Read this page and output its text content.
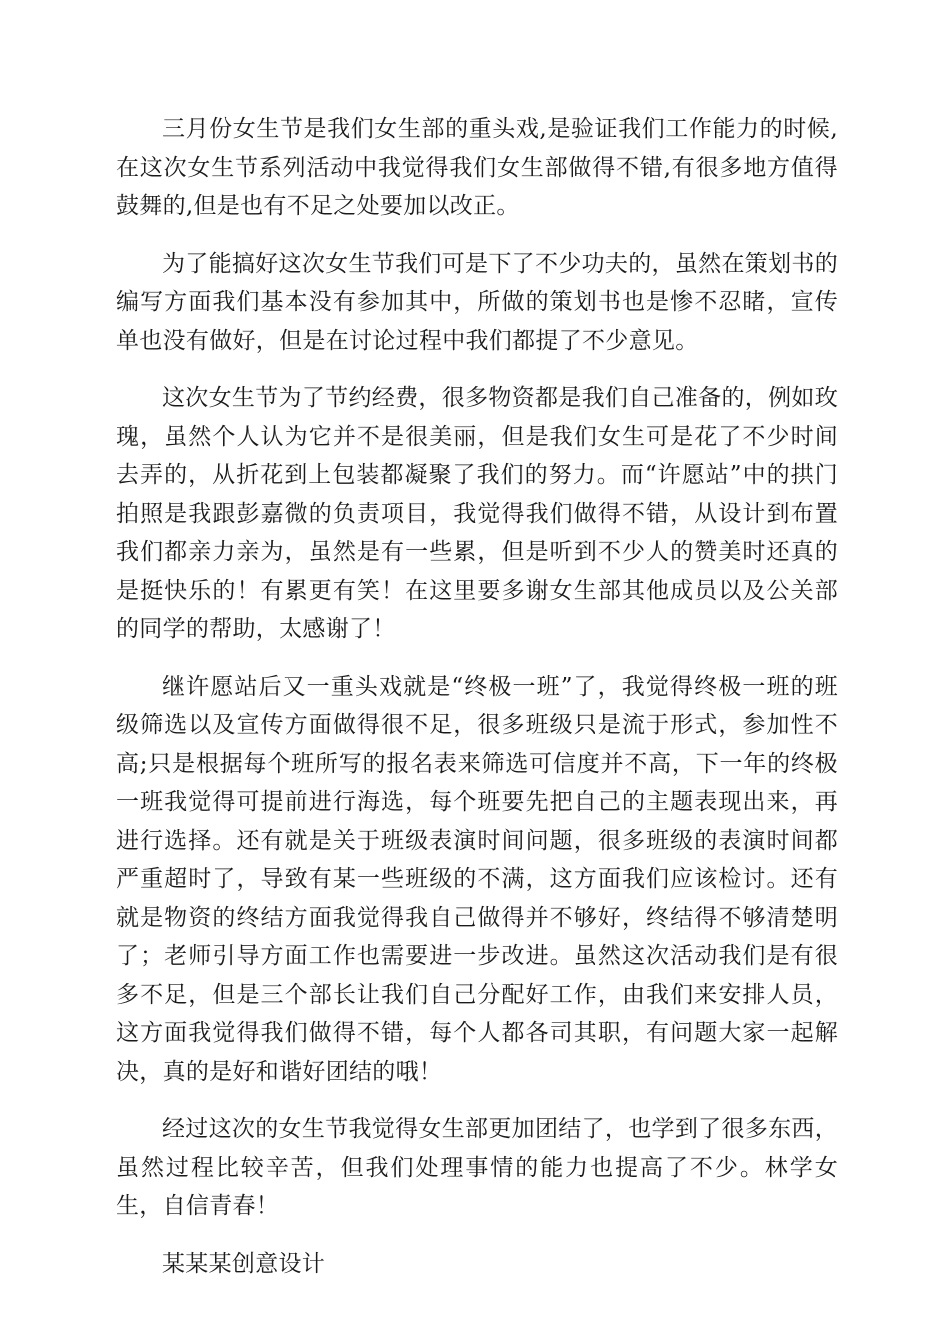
三月份女生节是我们女生部的重头戏,是验证我们工作能力的时候,在这次女生节系列活动中我觉得我们女生部做得不错,有很多地方值得鼓舞的,但是也有不足之处要加以改正。

为了能搞好这次女生节我们可是下了不少功夫的，虽然在策划书的编写方面我们基本没有参加其中，所做的策划书也是惨不忍睹，宣传单也没有做好，但是在讨论过程中我们都提了不少意见。

这次女生节为了节约经费，很多物资都是我们自己准备的，例如玫瑰，虽然个人认为它并不是很美丽，但是我们女生可是花了不少时间去弄的，从折花到上包装都凝聚了我们的努力。而“许愿站”中的拱门拍照是我跟彭嘉微的负责项目，我觉得我们做得不错，从设计到布置我们都亲力亲为，虽然是有一些累，但是听到不少人的赞美时还真的是挺快乐的！有累更有笑！在这里要多谢女生部其他成员以及公关部的同学的帮助，太感谢了！

继许愿站后又一重头戏就是“终极一班”了，我觉得终极一班的班级筛选以及宣传方面做得很不足，很多班级只是流于形式，参加性不高;只是根据每个班所写的报名表来筛选可信度并不高，下一年的终极一班我觉得可提前进行海选，每个班要先把自己的主题表现出来，再进行选择。还有就是关于班级表演时间问题，很多班级的表演时间都严重超时了，导致有某一些班级的不满，这方面我们应该检讨。还有就是物资的终结方面我觉得我自己做得并不够好，终结得不够清楚明了；老师引导方面工作也需要进一步改进。虽然这次活动我们是有很多不足，但是三个部长让我们自己分配好工作，由我们来安排人员，这方面我觉得我们做得不错，每个人都各司其职，有问题大家一起解决，真的是好和谐好团结的哦！

经过这次的女生节我觉得女生部更加团结了，也学到了很多东西，虽然过程比较辛苦，但我们处理事情的能力也提高了不少。林学女生，自信青春！

某某某创意设计
